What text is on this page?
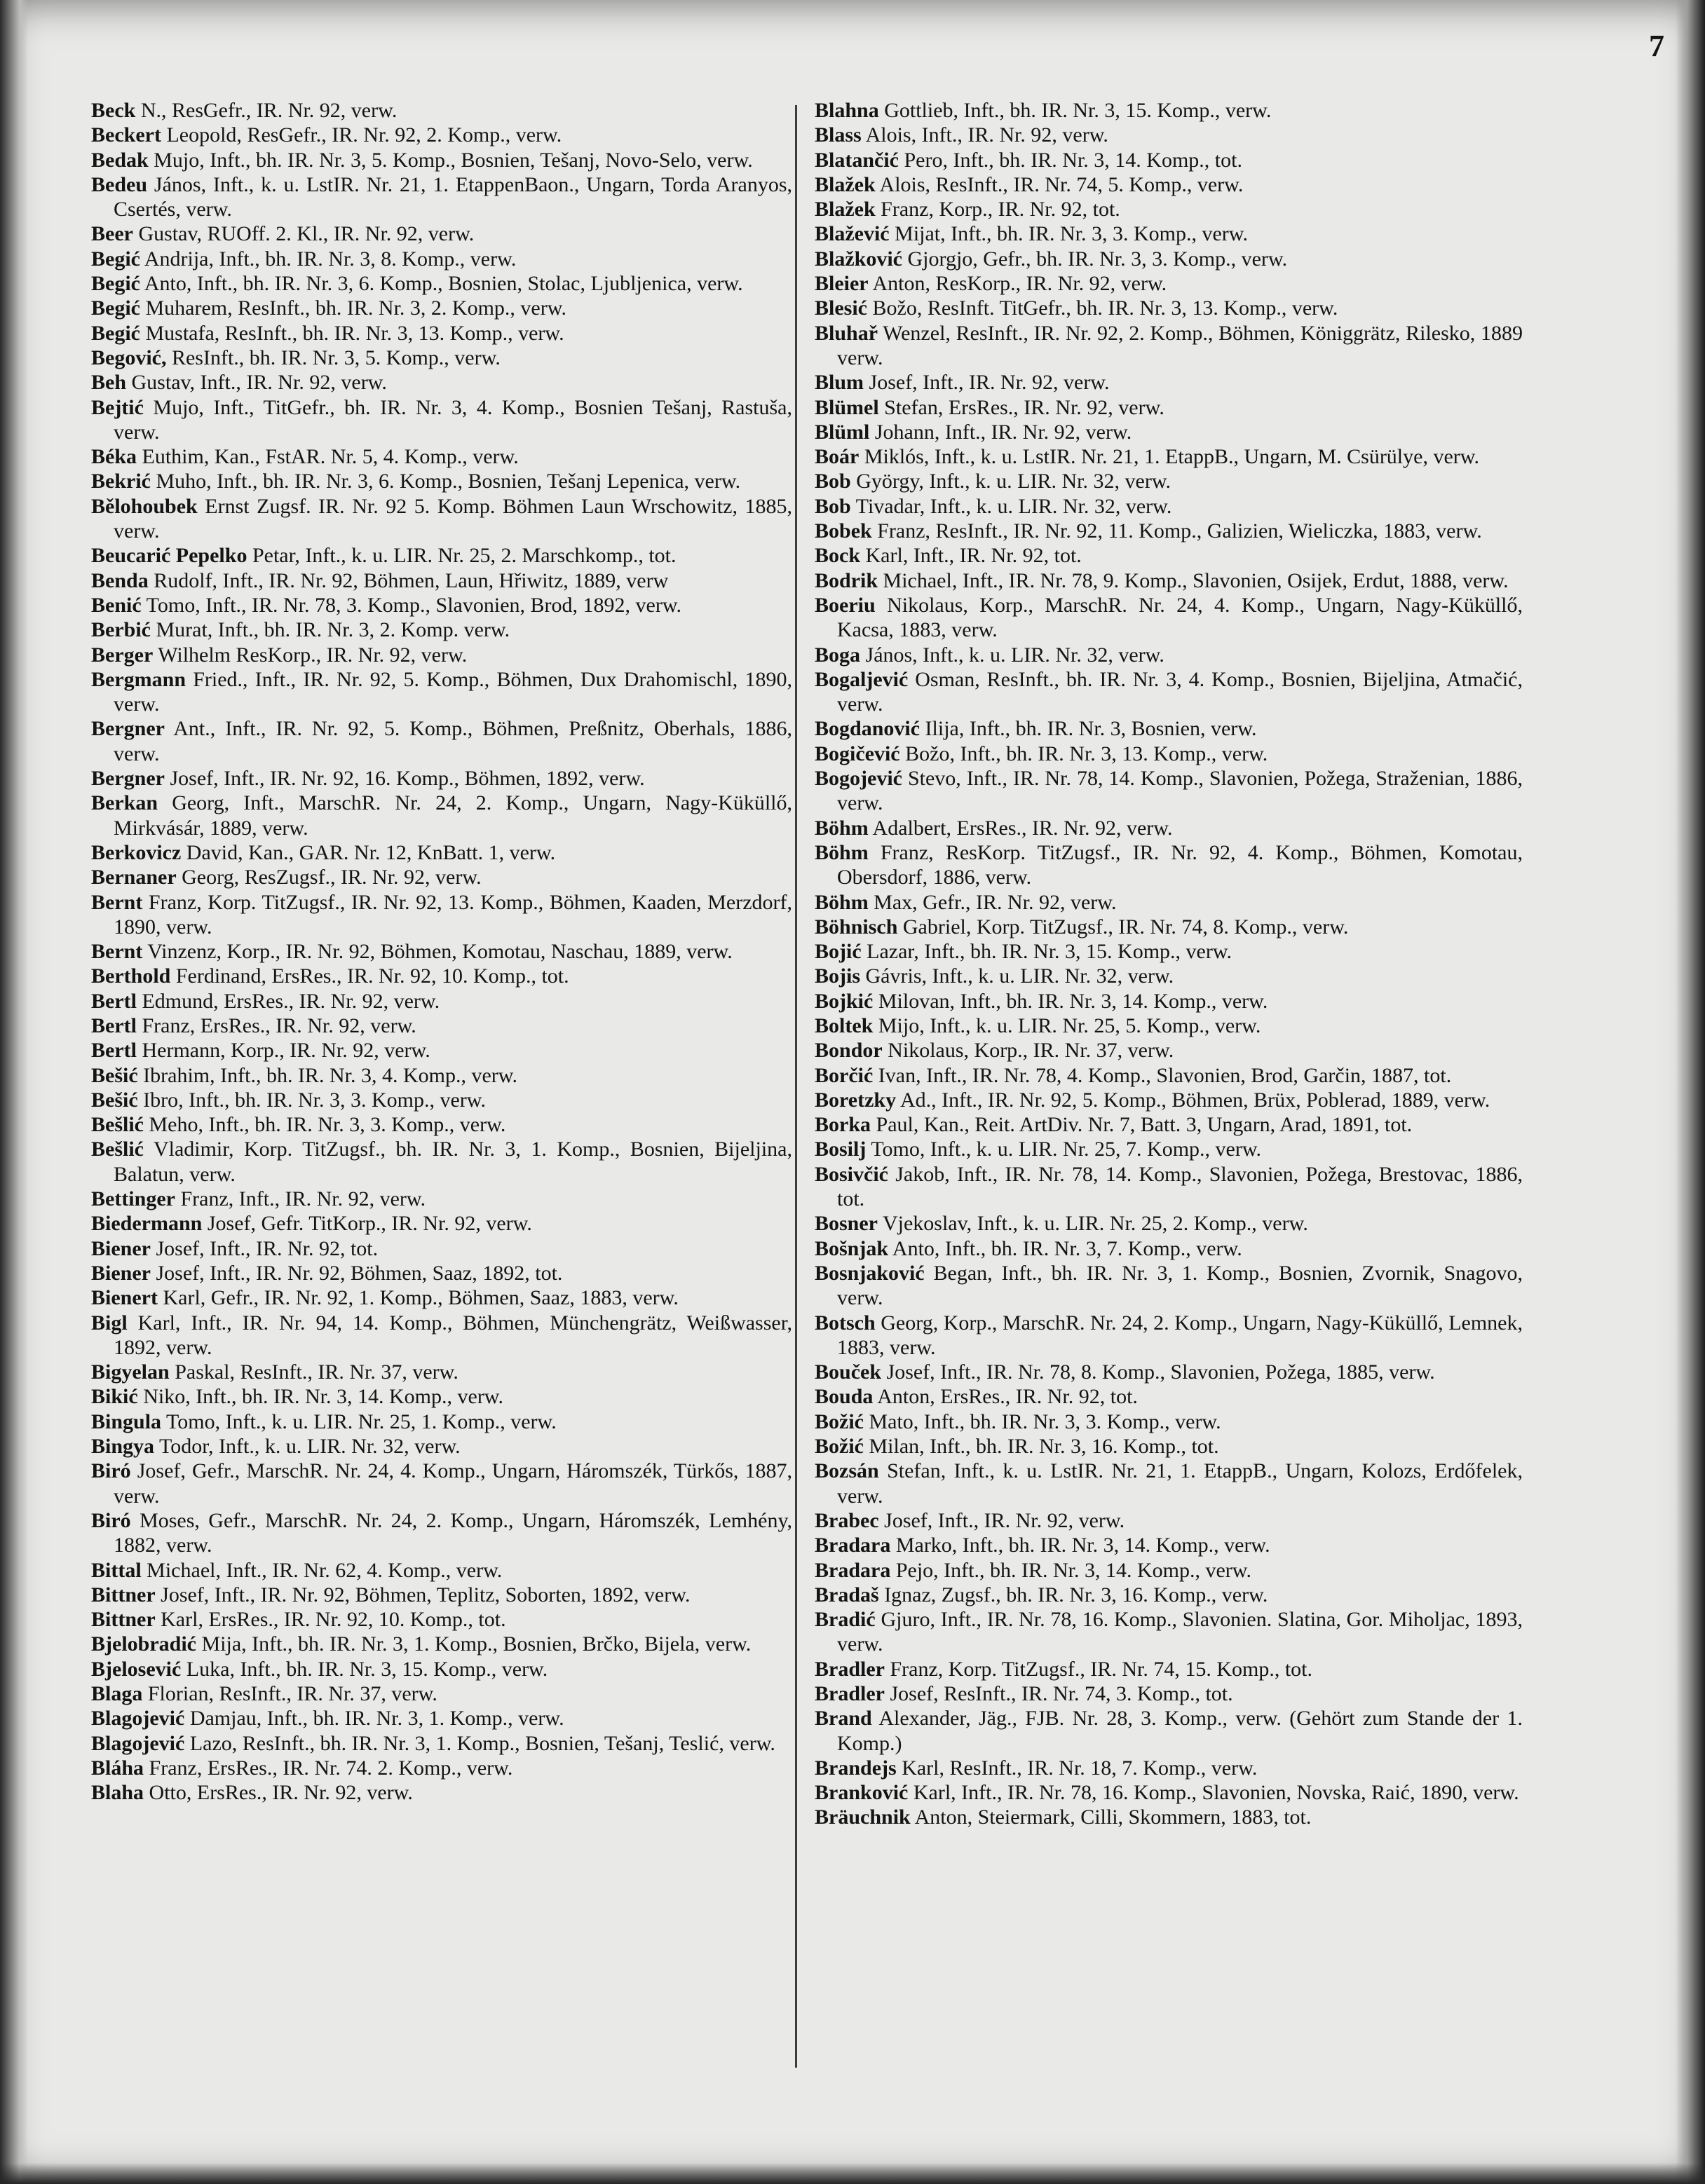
7
Beck N., ResGefr., IR. Nr. 92, verw.
Beckert Leopold, ResGefr., IR. Nr. 92, 2. Komp., verw.
Bedak Mujo, Inft., bh. IR. Nr. 3, 5. Komp., Bosnien, Tešanj, Novo-Selo, verw.
Bedeu János, Inft., k. u. LstIR. Nr. 21, 1. EtappenBaon., Ungarn, Torda Aranyos, Csertés, verw.
Beer Gustav, RUOff. 2. Kl., IR. Nr. 92, verw.
Begić Andrija, Inft., bh. IR. Nr. 3, 8. Komp., verw.
Begić Anto, Inft., bh. IR. Nr. 3, 6. Komp., Bosnien, Stolac, Ljubljenica, verw.
Begić Muharem, ResInft., bh. IR. Nr. 3, 2. Komp., verw.
Begić Mustafa, ResInft., bh. IR. Nr. 3, 13. Komp., verw.
Begović, ResInft., bh. IR. Nr. 3, 5. Komp., verw.
Beh Gustav, Inft., IR. Nr. 92, verw.
Bejtić Mujo, Inft., TitGefr., bh. IR. Nr. 3, 4. Komp., Bosnien Tešanj, Rastuša, verw.
Béka Euthim, Kan., FstAR. Nr. 5, 4. Komp., verw.
Bekrić Muho, Inft., bh. IR. Nr. 3, 6. Komp., Bosnien, Tešanj Lepenica, verw.
Bělohoubek Ernst Zugsf. IR. Nr. 92 5. Komp. Böhmen Laun Wrschowitz, 1885, verw.
Beucarić Pepelko Petar, Inft., k. u. LIR. Nr. 25, 2. Marschkomp., tot.
Benda Rudolf, Inft., IR. Nr. 92, Böhmen, Laun, Hřiwitz, 1889, verw
Benić Tomo, Inft., IR. Nr. 78, 3. Komp., Slavonien, Brod, 1892, verw.
Berbić Murat, Inft., bh. IR. Nr. 3, 2. Komp. verw.
Berger Wilhelm ResKorp., IR. Nr. 92, verw.
Bergmann Fried., Inft., IR. Nr. 92, 5. Komp., Böhmen, Dux Drahomischl, 1890, verw.
Bergner Ant., Inft., IR. Nr. 92, 5. Komp., Böhmen, Preßnitz, Oberhals, 1886, verw.
Bergner Josef, Inft., IR. Nr. 92, 16. Komp., Böhmen, 1892, verw.
Berkan Georg, Inft., MarschR. Nr. 24, 2. Komp., Ungarn, Nagy-Küküllő, Mirkvásár, 1889, verw.
Berkovicz David, Kan., GAR. Nr. 12, KnBatt. 1, verw.
Bernaner Georg, ResZugsf., IR. Nr. 92, verw.
Bernt Franz, Korp. TitZugsf., IR. Nr. 92, 13. Komp., Böhmen, Kaaden, Merzdorf, 1890, verw.
Bernt Vinzenz, Korp., IR. Nr. 92, Böhmen, Komotau, Naschau, 1889, verw.
Berthold Ferdinand, ErsRes., IR. Nr. 92, 10. Komp., tot.
Bertl Edmund, ErsRes., IR. Nr. 92, verw.
Bertl Franz, ErsRes., IR. Nr. 92, verw.
Bertl Hermann, Korp., IR. Nr. 92, verw.
Bešić Ibrahim, Inft., bh. IR. Nr. 3, 4. Komp., verw.
Bešić Ibro, Inft., bh. IR. Nr. 3, 3. Komp., verw.
Bešlić Meho, Inft., bh. IR. Nr. 3, 3. Komp., verw.
Bešlić Vladimir, Korp. TitZugsf., bh. IR. Nr. 3, 1. Komp., Bosnien, Bijeljina, Balatun, verw.
Bettinger Franz, Inft., IR. Nr. 92, verw.
Biedermann Josef, Gefr. TitKorp., IR. Nr. 92, verw.
Biener Josef, Inft., IR. Nr. 92, tot.
Biener Josef, Inft., IR. Nr. 92, Böhmen, Saaz, 1892, tot.
Bienert Karl, Gefr., IR. Nr. 92, 1. Komp., Böhmen, Saaz, 1883, verw.
Bigl Karl, Inft., IR. Nr. 94, 14. Komp., Böhmen, Münchengrätz, Weißwasser, 1892, verw.
Bigyelan Paskal, ResInft., IR. Nr. 37, verw.
Bikić Niko, Inft., bh. IR. Nr. 3, 14. Komp., verw.
Bingula Tomo, Inft., k. u. LIR. Nr. 25, 1. Komp., verw.
Bingya Todor, Inft., k. u. LIR. Nr. 32, verw.
Biró Josef, Gefr., MarschR. Nr. 24, 4. Komp., Ungarn, Háromszék, Türkős, 1887, verw.
Biró Moses, Gefr., MarschR. Nr. 24, 2. Komp., Ungarn, Háromszék, Lemhény, 1882, verw.
Bittal Michael, Inft., IR. Nr. 62, 4. Komp., verw.
Bittner Josef, Inft., IR. Nr. 92, Böhmen, Teplitz, Soborten, 1892, verw.
Bittner Karl, ErsRes., IR. Nr. 92, 10. Komp., tot.
Bjelobradić Mija, Inft., bh. IR. Nr. 3, 1. Komp., Bosnien, Brčko, Bijela, verw.
Bjelosević Luka, Inft., bh. IR. Nr. 3, 15. Komp., verw.
Blaga Florian, ResInft., IR. Nr. 37, verw.
Blagojević Damjau, Inft., bh. IR. Nr. 3, 1. Komp., verw.
Blagojević Lazo, ResInft., bh. IR. Nr. 3, 1. Komp., Bosnien, Tešanj, Teslić, verw.
Bláha Franz, ErsRes., IR. Nr. 74. 2. Komp., verw.
Blaha Otto, ErsRes., IR. Nr. 92, verw.
Blahna Gottlieb, Inft., bh. IR. Nr. 3, 15. Komp., verw.
Blass Alois, Inft., IR. Nr. 92, verw.
Blatančić Pero, Inft., bh. IR. Nr. 3, 14. Komp., tot.
Blažek Alois, ResInft., IR. Nr. 74, 5. Komp., verw.
Blažek Franz, Korp., IR. Nr. 92, tot.
Blažević Mijat, Inft., bh. IR. Nr. 3, 3. Komp., verw.
Blažković Gjorgjo, Gefr., bh. IR. Nr. 3, 3. Komp., verw.
Bleier Anton, ResKorp., IR. Nr. 92, verw.
Blesić Božo, ResInft. TitGefr., bh. IR. Nr. 3, 13. Komp., verw.
Bluhař Wenzel, ResInft., IR. Nr. 92, 2. Komp., Böhmen, Königgrätz, Rilesko, 1889 verw.
Blum Josef, Inft., IR. Nr. 92, verw.
Blümel Stefan, ErsRes., IR. Nr. 92, verw.
Blüml Johann, Inft., IR. Nr. 92, verw.
Boár Miklós, Inft., k. u. LstIR. Nr. 21, 1. EtappB., Ungarn, M. Csürülye, verw.
Bob György, Inft., k. u. LIR. Nr. 32, verw.
Bob Tivadar, Inft., k. u. LIR. Nr. 32, verw.
Bobek Franz, ResInft., IR. Nr. 92, 11. Komp., Galizien, Wieliczka, 1883, verw.
Bock Karl, Inft., IR. Nr. 92, tot.
Bodrik Michael, Inft., IR. Nr. 78, 9. Komp., Slavonien, Osijek, Erdut, 1888, verw.
Boeriu Nikolaus, Korp., MarschR. Nr. 24, 4. Komp., Ungarn, Nagy-Küküllő, Kacsa, 1883, verw.
Boga János, Inft., k. u. LIR. Nr. 32, verw.
Bogaljević Osman, ResInft., bh. IR. Nr. 3, 4. Komp., Bosnien, Bijeljina, Atmačić, verw.
Bogdanović Ilija, Inft., bh. IR. Nr. 3, Bosnien, verw.
Bogičević Božo, Inft., bh. IR. Nr. 3, 13. Komp., verw.
Bogojević Stevo, Inft., IR. Nr. 78, 14. Komp., Slavonien, Požega, Straženian, 1886, verw.
Böhm Adalbert, ErsRes., IR. Nr. 92, verw.
Böhm Franz, ResKorp. TitZugsf., IR. Nr. 92, 4. Komp., Böhmen, Komotau, Obersdorf, 1886, verw.
Böhm Max, Gefr., IR. Nr. 92, verw.
Böhnisch Gabriel, Korp. TitZugsf., IR. Nr. 74, 8. Komp., verw.
Bojić Lazar, Inft., bh. IR. Nr. 3, 15. Komp., verw.
Bojis Gávris, Inft., k. u. LIR. Nr. 32, verw.
Bojkić Milovan, Inft., bh. IR. Nr. 3, 14. Komp., verw.
Boltek Mijo, Inft., k. u. LIR. Nr. 25, 5. Komp., verw.
Bondor Nikolaus, Korp., IR. Nr. 37, verw.
Borčić Ivan, Inft., IR. Nr. 78, 4. Komp., Slavonien, Brod, Garčin, 1887, tot.
Boretzky Ad., Inft., IR. Nr. 92, 5. Komp., Böhmen, Brüx, Poblerad, 1889, verw.
Borka Paul, Kan., Reit. ArtDiv. Nr. 7, Batt. 3, Ungarn, Arad, 1891, tot.
Bosilj Tomo, Inft., k. u. LIR. Nr. 25, 7. Komp., verw.
Bosivčić Jakob, Inft., IR. Nr. 78, 14. Komp., Slavonien, Požega, Brestovac, 1886, tot.
Bosner Vjekoslav, Inft., k. u. LIR. Nr. 25, 2. Komp., verw.
Bošnjak Anto, Inft., bh. IR. Nr. 3, 7. Komp., verw.
Bosnjaković Began, Inft., bh. IR. Nr. 3, 1. Komp., Bosnien, Zvornik, Snagovo, verw.
Botsch Georg, Korp., MarschR. Nr. 24, 2. Komp., Ungarn, Nagy-Küküllő, Lemnek, 1883, verw.
Bouček Josef, Inft., IR. Nr. 78, 8. Komp., Slavonien, Požega, 1885, verw.
Bouda Anton, ErsRes., IR. Nr. 92, tot.
Božić Mato, Inft., bh. IR. Nr. 3, 3. Komp., verw.
Božić Milan, Inft., bh. IR. Nr. 3, 16. Komp., tot.
Bozsán Stefan, Inft., k. u. LstIR. Nr. 21, 1. EtappB., Ungarn, Kolozs, Erdőfelek, verw.
Brabec Josef, Inft., IR. Nr. 92, verw.
Bradara Marko, Inft., bh. IR. Nr. 3, 14. Komp., verw.
Bradara Pejo, Inft., bh. IR. Nr. 3, 14. Komp., verw.
Bradaš Ignaz, Zugsf., bh. IR. Nr. 3, 16. Komp., verw.
Bradić Gjuro, Inft., IR. Nr. 78, 16. Komp., Slavonien. Slatina, Gor. Miholjac, 1893, verw.
Bradler Franz, Korp. TitZugsf., IR. Nr. 74, 15. Komp., tot.
Bradler Josef, ResInft., IR. Nr. 74, 3. Komp., tot.
Brand Alexander, Jäg., FJB. Nr. 28, 3. Komp., verw. (Gehört zum Stande der 1. Komp.)
Brandejs Karl, ResInft., IR. Nr. 18, 7. Komp., verw.
Branković Karl, Inft., IR. Nr. 78, 16. Komp., Slavonien, Novska, Raić, 1890, verw.
Bräuchnik Anton, Steiermark, Cilli, Skommern, 1883, tot.
